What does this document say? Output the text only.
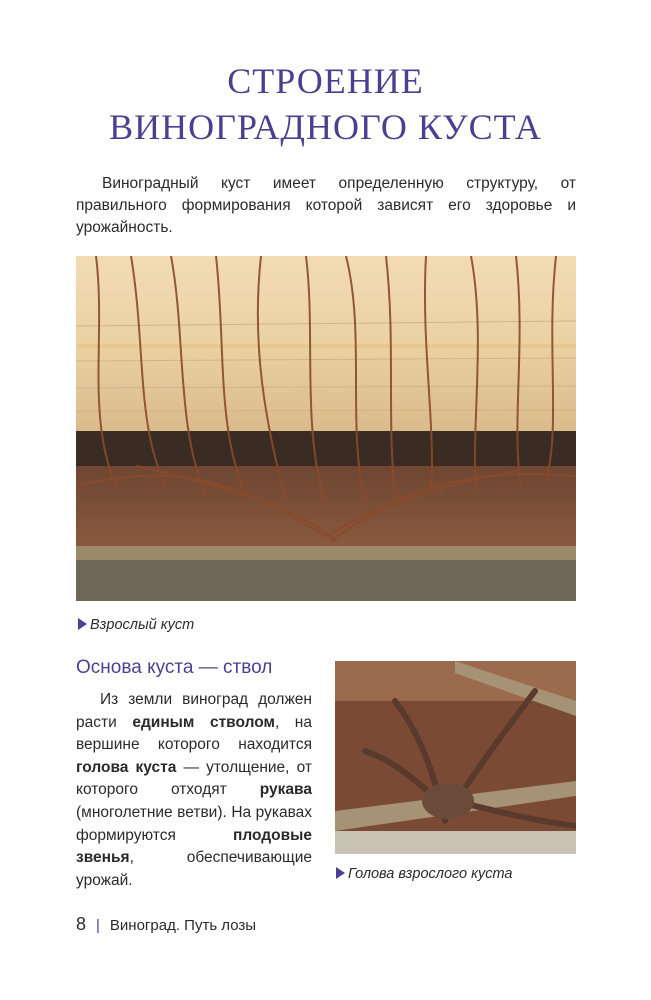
СТРОЕНИЕ
ВИНОГРАДНОГО КУСТА
Виноградный куст имеет определенную структуру, от правильного формирования которой зависят его здоровье и урожайность.
Взрослый куст
Основа куста — ствол

Из земли виноград должен расти единым стволом, на вершине которого находится голова куста — утолщение, от которого отходят рукава (многолетние ветви). На рукавах формируются плодовые звенья, обеспечивающие урожай.	Голова взрослого куста
8 | Виноград. Путь лозы
